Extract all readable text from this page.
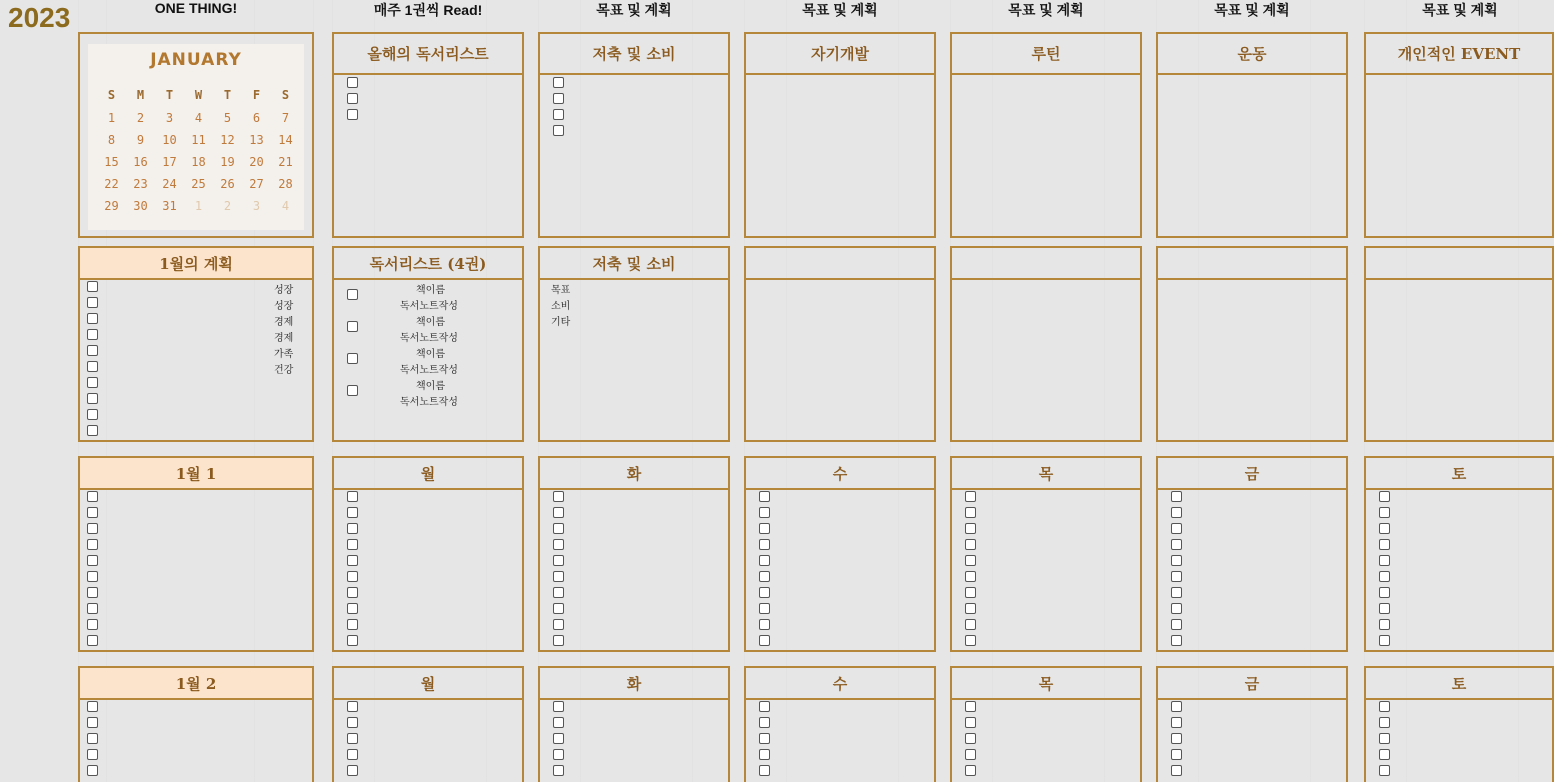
2023	ONE THING!	매주 1권씩 Read!	목표 및 계획	목표 및 계획	목표 및 계획	목표 및 계획	목표 및 계획
JANUARY
S	M	T	W	T	F	S
1	2	3	4	5	6	7
8	9	10	11	12	13	14
15	16	17	18	19	20	21
22	23	24	25	26	27	28
29	30	31	1	2	3	4
올해의 독서리스트	저축 및 소비	자기개발	루틴	운동	개인적인 EVENT
1월의 계획	독서리스트 (4권)	저축 및 소비
성장
성장
경제
경제
가족
건강
책이름
독서노트작성
책이름
독서노트작성
책이름
독서노트작성
책이름
독서노트작성
목표
소비
기타
1월 1	월	화	수	목	금	토
1월 2	월	화	수	목	금	토
